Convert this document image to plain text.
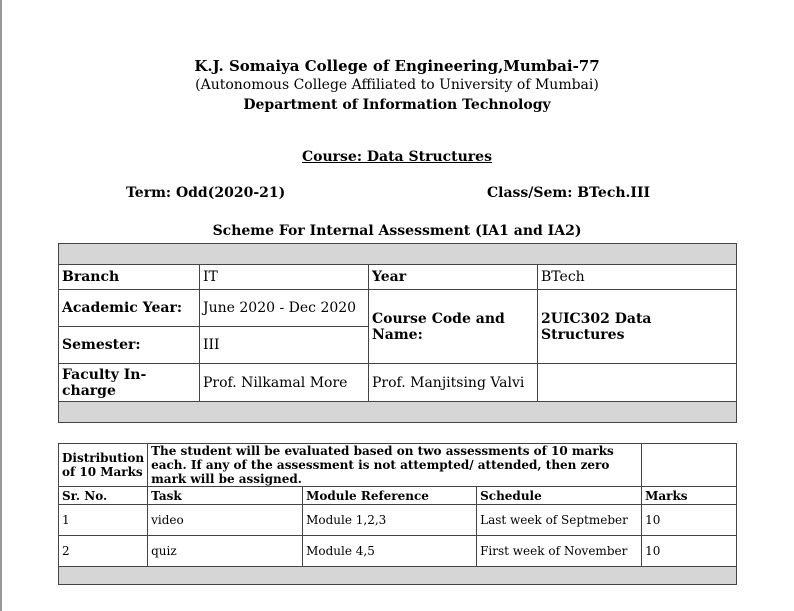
K.J. Somaiya College of Engineering,Mumbai-77
(Autonomous College Affiliated to University of Mumbai)
Department of Information Technology
Course: Data Structures
Term: Odd(2020-21)	Class/Sem: BTech.III
Scheme For Internal Assessment (IA1 and IA2)

Branch	IT	Year	BTech
Academic Year:	June 2020 - Dec 2020	Course Code and Name:	2UIC302 Data Structures
Semester:	III		
Faculty In-charge	Prof. Nilkamal More	Prof. Manjitsing Valvi	

Distribution of 10 Marks	The student will be evaluated based on two assessments of 10 marks each. If any of the assessment is not attempted/ attended, then zero mark will be assigned.			
Sr. No.	Task	Module Reference	Schedule	Marks
1	video	Module 1,2,3	Last week of Septmeber	10
2	quiz	Module 4,5	First week of November	10
